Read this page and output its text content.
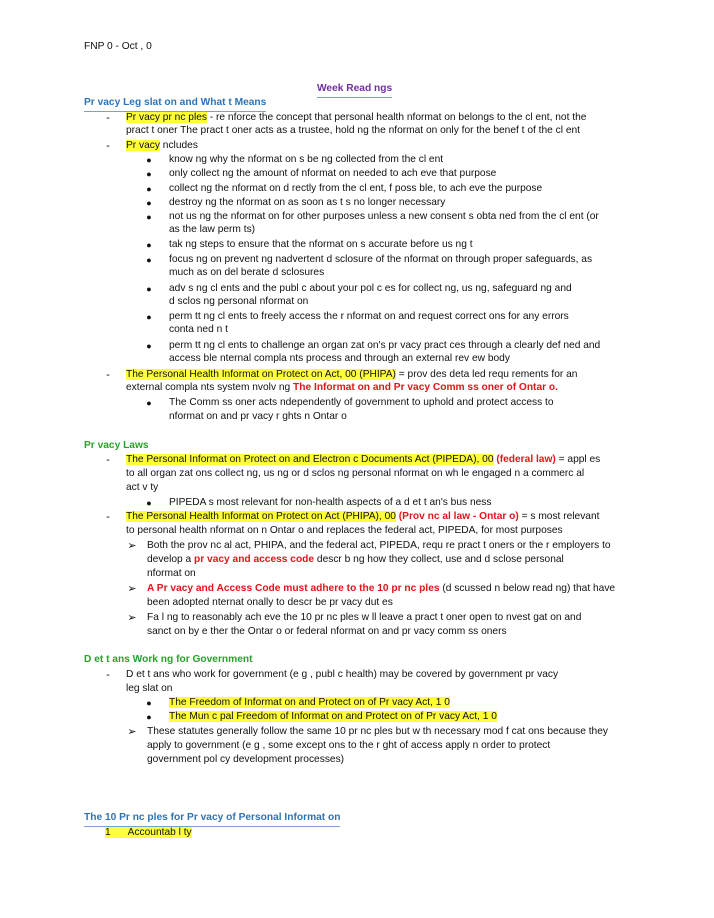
FNP 0 - Oct , 0
Week Read ngs
Pr vacy Leg slat on and What t Means
-	Pr vacy pr nc ples - re nforce the concept that personal health nformat on belongs to the cl ent, not the
pract t oner The pract t oner acts as a trustee, hold ng the nformat on only for the benef t of the cl ent
-	Pr vacy ncludes
●	know ng why the nformat on s be ng collected from the cl ent
●	only collect ng the amount of nformat on needed to ach eve that purpose
●	collect ng the nformat on d rectly from the cl ent, f poss ble, to ach eve the purpose
●	destroy ng the nformat on as soon as t s no longer necessary
●	not us ng the nformat on for other purposes unless a new consent s obta ned from the cl ent (or
as the law perm ts)
●	tak ng steps to ensure that the nformat on s accurate before us ng t
●	focus ng on prevent ng nadvertent d sclosure of the nformat on through proper safeguards, as
much as on del berate d sclosures
●	adv s ng cl ents and the publ c about your pol c es for collect ng, us ng, safeguard ng and
d sclos ng personal nformat on
●	perm tt ng cl ents to freely access the r nformat on and request correct ons for any errors
conta ned n t
●	perm tt ng cl ents to challenge an organ zat on's pr vacy pract ces through a clearly def ned and
access ble nternal compla nts process and through an external rev ew body
-	The Personal Health Informat on Protect on Act, 00 (PHIPA) = prov des deta led requ rements for an
external compla nts system nvolv ng The Informat on and Pr vacy Comm ss oner of Ontar o.
●	The Comm ss oner acts ndependently of government to uphold and protect access to
nformat on and pr vacy r ghts n Ontar o
Pr vacy Laws
-	The Personal Informat on Protect on and Electron c Documents Act (PIPEDA), 00 (federal law) = appl es
to all organ zat ons collect ng, us ng or d sclos ng personal nformat on wh le engaged n a commerc al
act v ty
●	PIPEDA s most relevant for non-health aspects of a d et t an's bus ness
-	The Personal Health Informat on Protect on Act (PHIPA), 00 (Prov nc al law - Ontar o) = s most relevant
to personal health nformat on n Ontar o and replaces the federal act, PIPEDA, for most purposes
➢ Both the prov nc al act, PHIPA, and the federal act, PIPEDA, requ re pract t oners or the r employers to
develop a pr vacy and access code descr b ng how they collect, use and d sclose personal
nformat on
➢ A Pr vacy and Access Code must adhere to the 10 pr nc ples (d scussed n below read ng) that have
been adopted nternat onally to descr be pr vacy dut es
➢ Fa l ng to reasonably ach eve the 10 pr nc ples w ll leave a pract t oner open to nvest gat on and
sanct on by e ther the Ontar o or federal nformat on and pr vacy comm ss oners
D et t ans Work ng for Government
-	D et t ans who work for government (e g , publ c health) may be covered by government pr vacy
leg slat on
●	The Freedom of Informat on and Protect on of Pr vacy Act, 1 0
●	The Mun c pal Freedom of Informat on and Protect on of Pr vacy Act, 1 0
➢ These statutes generally follow the same 10 pr nc ples but w th necessary mod f cat ons because they
apply to government (e g , some except ons to the r ght of access apply n order to protect
government pol cy development processes)
The 10 Pr nc ples for Pr vacy of Personal Informat on
1 Accountab l ty
